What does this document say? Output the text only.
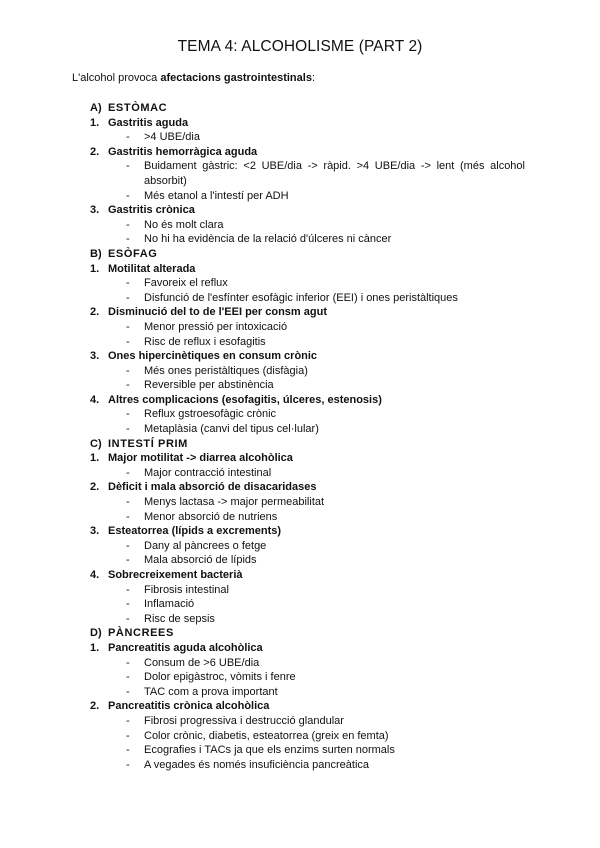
TEMA 4: ALCOHOLISME (PART 2)
L'alcohol provoca afectacions gastrointestinals:
A) ESTÒMAC
1. Gastritis aguda
- >4 UBE/dia
2. Gastritis hemorràgica aguda
- Buidament gàstric: <2 UBE/dia -> ràpid. >4 UBE/dia -> lent (més alcohol absorbit)
- Més etanol a l'intestí per ADH
3. Gastritis crònica
- No és molt clara
- No hi ha evidència de la relació d'úlceres ni càncer
B) ESÒFAG
1. Motilitat alterada
- Favoreix el reflux
- Disfunció de l'esfínter esofàgic inferior (EEI) i ones peristàltiques
2. Disminució del to de l'EEI per consm agut
- Menor pressió per intoxicació
- Risc de reflux i esofagitis
3. Ones hipercinètiques en consum crònic
- Més ones peristàltiques (disfàgia)
- Reversible per abstinència
4. Altres complicacions (esofagitis, úlceres, estenosis)
- Reflux gstroesofàgic crònic
- Metaplàsia (canvi del tipus cel·lular)
C) INTESTÍ PRIM
1. Major motilitat -> diarrea alcohòlica
- Major contracció intestinal
2. Dèficit i mala absorció de disacaridases
- Menys lactasa -> major permeabilitat
- Menor absorció de nutriens
3. Esteatorrea (lípids a excrements)
- Dany al pàncrees o fetge
- Mala absorció de lípids
4. Sobrecreixement bacterià
- Fibrosis intestinal
- Inflamació
- Risc de sepsis
D) PÀNCREES
1. Pancreatitis aguda alcohòlica
- Consum de >6 UBE/dia
- Dolor epigàstroc, vòmits i fenre
- TAC com a prova important
2. Pancreatitis crònica alcohòlica
- Fibrosi progressiva i destrucció glandular
- Color crònic, diabetis, esteatorrea (greix en femta)
- Ecografies i TACs ja que els enzims surten normals
- A vegades és només insuficiència pancreàtica
